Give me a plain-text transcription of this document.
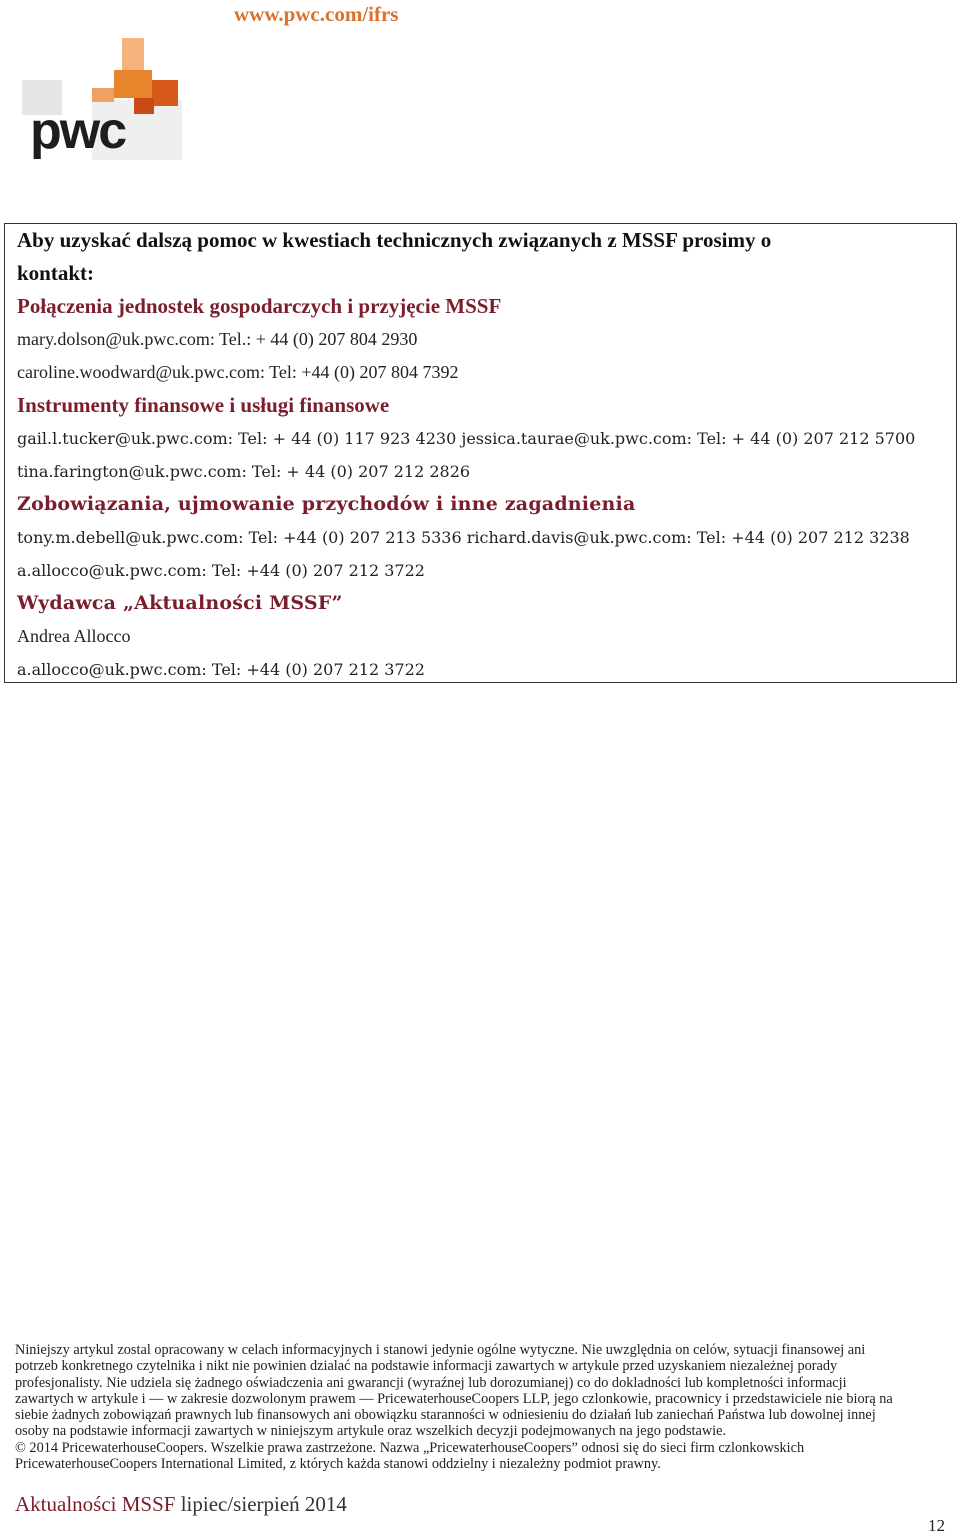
www.pwc.com/ifrs

pwc

Aby uzyskać dalszą pomoc w kwestiach technicznych związanych z MSSF prosimy o

kontakt:

Połączenia jednostek gospodarczych i przyjęcie MSSF

mary.dolson@uk.pwc.com: Tel.: + 44 (0) 207 804 2930

caroline.woodward@uk.pwc.com: Tel: +44 (0) 207 804 7392

Instrumenty finansowe i usługi finansowe

gail.l.tucker@uk.pwc.com: Tel: + 44 (0) 117 923 4230 jessica.taurae@uk.pwc.com: Tel: + 44 (0) 207 212 5700

tina.farington@uk.pwc.com: Tel: + 44 (0) 207 212 2826

Zobowiązania, ujmowanie przychodów i inne zagadnienia

tony.m.debell@uk.pwc.com: Tel: +44 (0) 207 213 5336 richard.davis@uk.pwc.com: Tel: +44 (0) 207 212 3238

a.allocco@uk.pwc.com: Tel: +44 (0) 207 212 3722

Wydawca „Aktualności MSSF”

Andrea Allocco

a.allocco@uk.pwc.com: Tel: +44 (0) 207 212 3722

Niniejszy artykul zostal opracowany w celach informacyjnych i stanowi jedynie ogólne wytyczne. Nie uwzględnia on celów, sytuacji finansowej ani

potrzeb konkretnego czytelnika i nikt nie powinien dzialać na podstawie informacji zawartych w artykule przed uzyskaniem niezależnej porady

profesjonalisty. Nie udziela się żadnego oświadczenia ani gwarancji (wyraźnej lub dorozumianej) co do dokladności lub kompletności informacji

zawartych w artykule i — w zakresie dozwolonym prawem — PricewaterhouseCoopers LLP, jego czlonkowie, pracownicy i przedstawiciele nie biorą na

siebie żadnych zobowiązań prawnych lub finansowych ani obowiązku staranności w odniesieniu do działań lub zaniechań Państwa lub dowolnej innej

osoby na podstawie informacji zawartych w niniejszym artykule oraz wszelkich decyzji podejmowanych na jego podstawie.

© 2014 PricewaterhouseCoopers. Wszelkie prawa zastrzeżone. Nazwa „PricewaterhouseCoopers” odnosi się do sieci firm czlonkowskich

PricewaterhouseCoopers International Limited, z których każda stanowi oddzielny i niezależny podmiot prawny.

Aktualności MSSF lipiec/sierpień 2014

12
